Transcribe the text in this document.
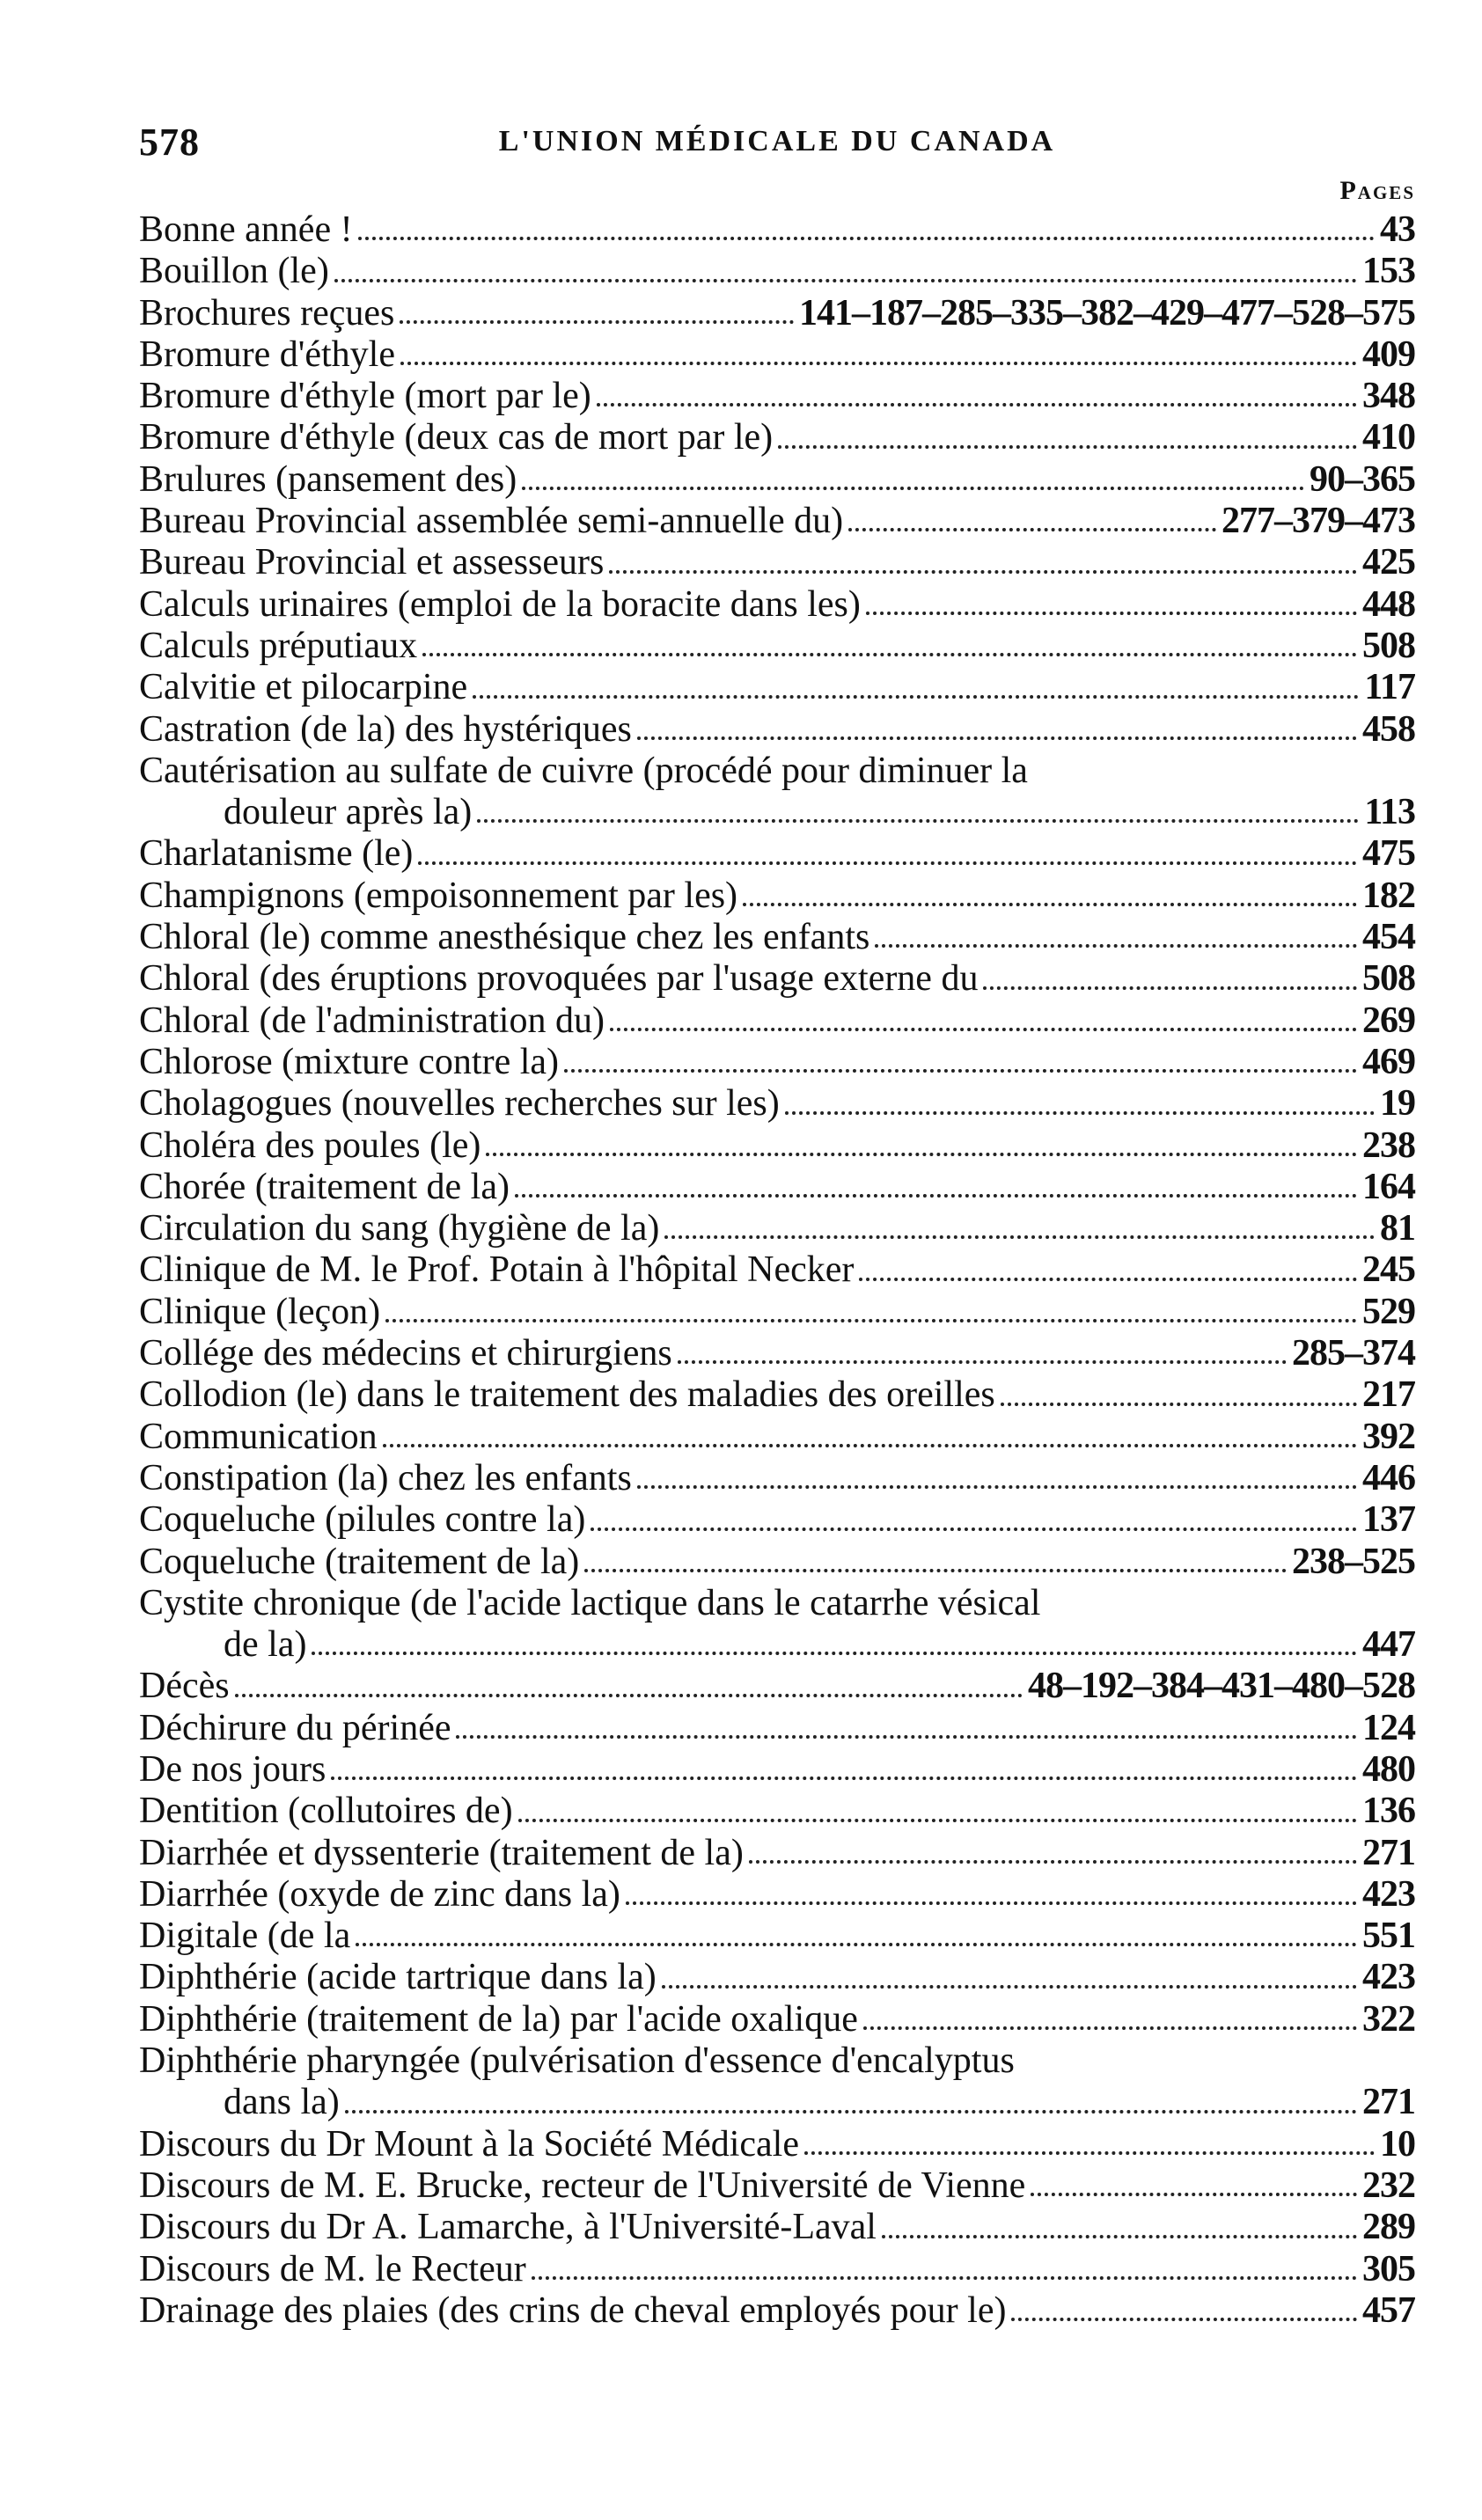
578	L'UNION MÉDICALE DU CANADA
Pages
Bonne année !	43
Bouillon (le)	153
Brochures reçues	141–187–285–335–382–429–477–528–575
Bromure d'éthyle	409
Bromure d'éthyle (mort par le)	348
Bromure d'éthyle (deux cas de mort par le)	410
Brulures (pansement des)	90–365
Bureau Provincial assemblée semi-annuelle du)	277–379–473
Bureau Provincial et assesseurs	425
Calculs urinaires (emploi de la boracite dans les)	448
Calculs préputiaux	508
Calvitie et pilocarpine	117
Castration (de la) des hystériques	458
Cautérisation au sulfate de cuivre (procédé pour diminuer la
douleur après la)	113
Charlatanisme (le)	475
Champignons (empoisonnement par les)	182
Chloral (le) comme anesthésique chez les enfants	454
Chloral (des éruptions provoquées par l'usage externe du	508
Chloral (de l'administration du)	269
Chlorose (mixture contre la)	469
Cholagogues (nouvelles recherches sur les)	19
Choléra des poules (le)	238
Chorée (traitement de la)	164
Circulation du sang (hygiène de la)	81
Clinique de M. le Prof. Potain à l'hôpital Necker	245
Clinique (leçon)	529
Collége des médecins et chirurgiens	285–374
Collodion (le) dans le traitement des maladies des oreilles	217
Communication	392
Constipation (la) chez les enfants	446
Coqueluche (pilules contre la)	137
Coqueluche (traitement de la)	238–525
Cystite chronique (de l'acide lactique dans le catarrhe vésical
de la)	447
Décès	48–192–384–431–480–528
Déchirure du périnée	124
De nos jours	480
Dentition (collutoires de)	136
Diarrhée et dyssenterie (traitement de la)	271
Diarrhée (oxyde de zinc dans la)	423
Digitale (de la	551
Diphthérie (acide tartrique dans la)	423
Diphthérie (traitement de la) par l'acide oxalique	322
Diphthérie pharyngée (pulvérisation d'essence d'encalyptus
dans la)	271
Discours du Dr Mount à la Société Médicale	10
Discours de M. E. Brucke, recteur de l'Université de Vienne	232
Discours du Dr A. Lamarche, à l'Université-Laval	289
Discours de M. le Recteur	305
Drainage des plaies (des crins de cheval employés pour le)	457
